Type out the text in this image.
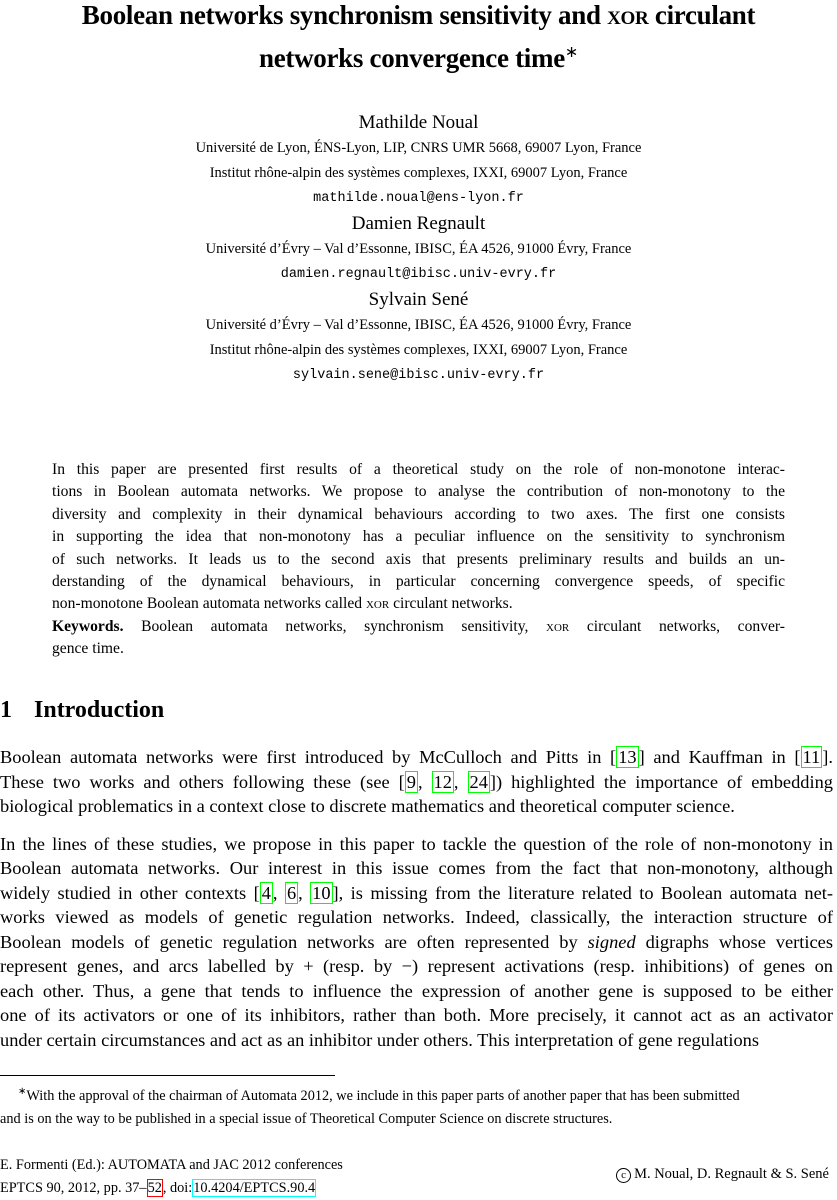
Boolean networks synchronism sensitivity and xor circulant
networks convergence time∗
Mathilde Noual
Université de Lyon, ÉNS-Lyon, LIP, CNRS UMR 5668, 69007 Lyon, France
Institut rhône-alpin des systèmes complexes, IXXI, 69007 Lyon, France
mathilde.noual@ens-lyon.fr
Damien Regnault
Université d’Évry – Val d’Essonne, IBISC, ÉA 4526, 91000 Évry, France
damien.regnault@ibisc.univ-evry.fr
Sylvain Sené
Université d’Évry – Val d’Essonne, IBISC, ÉA 4526, 91000 Évry, France
Institut rhône-alpin des systèmes complexes, IXXI, 69007 Lyon, France
sylvain.sene@ibisc.univ-evry.fr
In this paper are presented first results of a theoretical study on the role of non-monotone interac-
tions in Boolean automata networks. We propose to analyse the contribution of non-monotony to the
diversity and complexity in their dynamical behaviours according to two axes. The first one consists
in supporting the idea that non-monotony has a peculiar influence on the sensitivity to synchronism
of such networks. It leads us to the second axis that presents preliminary results and builds an un-
derstanding of the dynamical behaviours, in particular concerning convergence speeds, of specific
non-monotone Boolean automata networks called xor circulant networks.
Keywords. Boolean automata networks, synchronism sensitivity, xor circulant networks, conver-
gence time.
1 Introduction
Boolean automata networks were first introduced by McCulloch and Pitts in [ 13 ] and Kauffman in [ 11 ].
These two works and others following these (see [ 9 , 12 , 24 ]) highlighted the importance of embedding
biological problematics in a context close to discrete mathematics and theoretical computer science.
In the lines of these studies, we propose in this paper to tackle the question of the role of non-monotony in
Boolean automata networks. Our interest in this issue comes from the fact that non-monotony, although
widely studied in other contexts [ 4 , 6 , 10 ], is missing from the literature related to Boolean automata net-
works viewed as models of genetic regulation networks. Indeed, classically, the interaction structure of
Boolean models of genetic regulation networks are often represented by signed digraphs whose vertices
represent genes, and arcs labelled by + (resp. by −) represent activations (resp. inhibitions) of genes on
each other. Thus, a gene that tends to influence the expression of another gene is supposed to be either
one of its activators or one of its inhibitors, rather than both. More precisely, it cannot act as an activator
under certain circumstances and act as an inhibitor under others. This interpretation of gene regulations
∗With the approval of the chairman of Automata 2012, we include in this paper parts of another paper that has been submitted
and is on the way to be published in a special issue of Theoretical Computer Science on discrete structures.
E. Formenti (Ed.): AUTOMATA and JAC 2012 conferences
EPTCS 90, 2012, pp. 37–52, doi:10.4204/EPTCS.90.4
c M. Noual, D. Regnault & S. Sené
